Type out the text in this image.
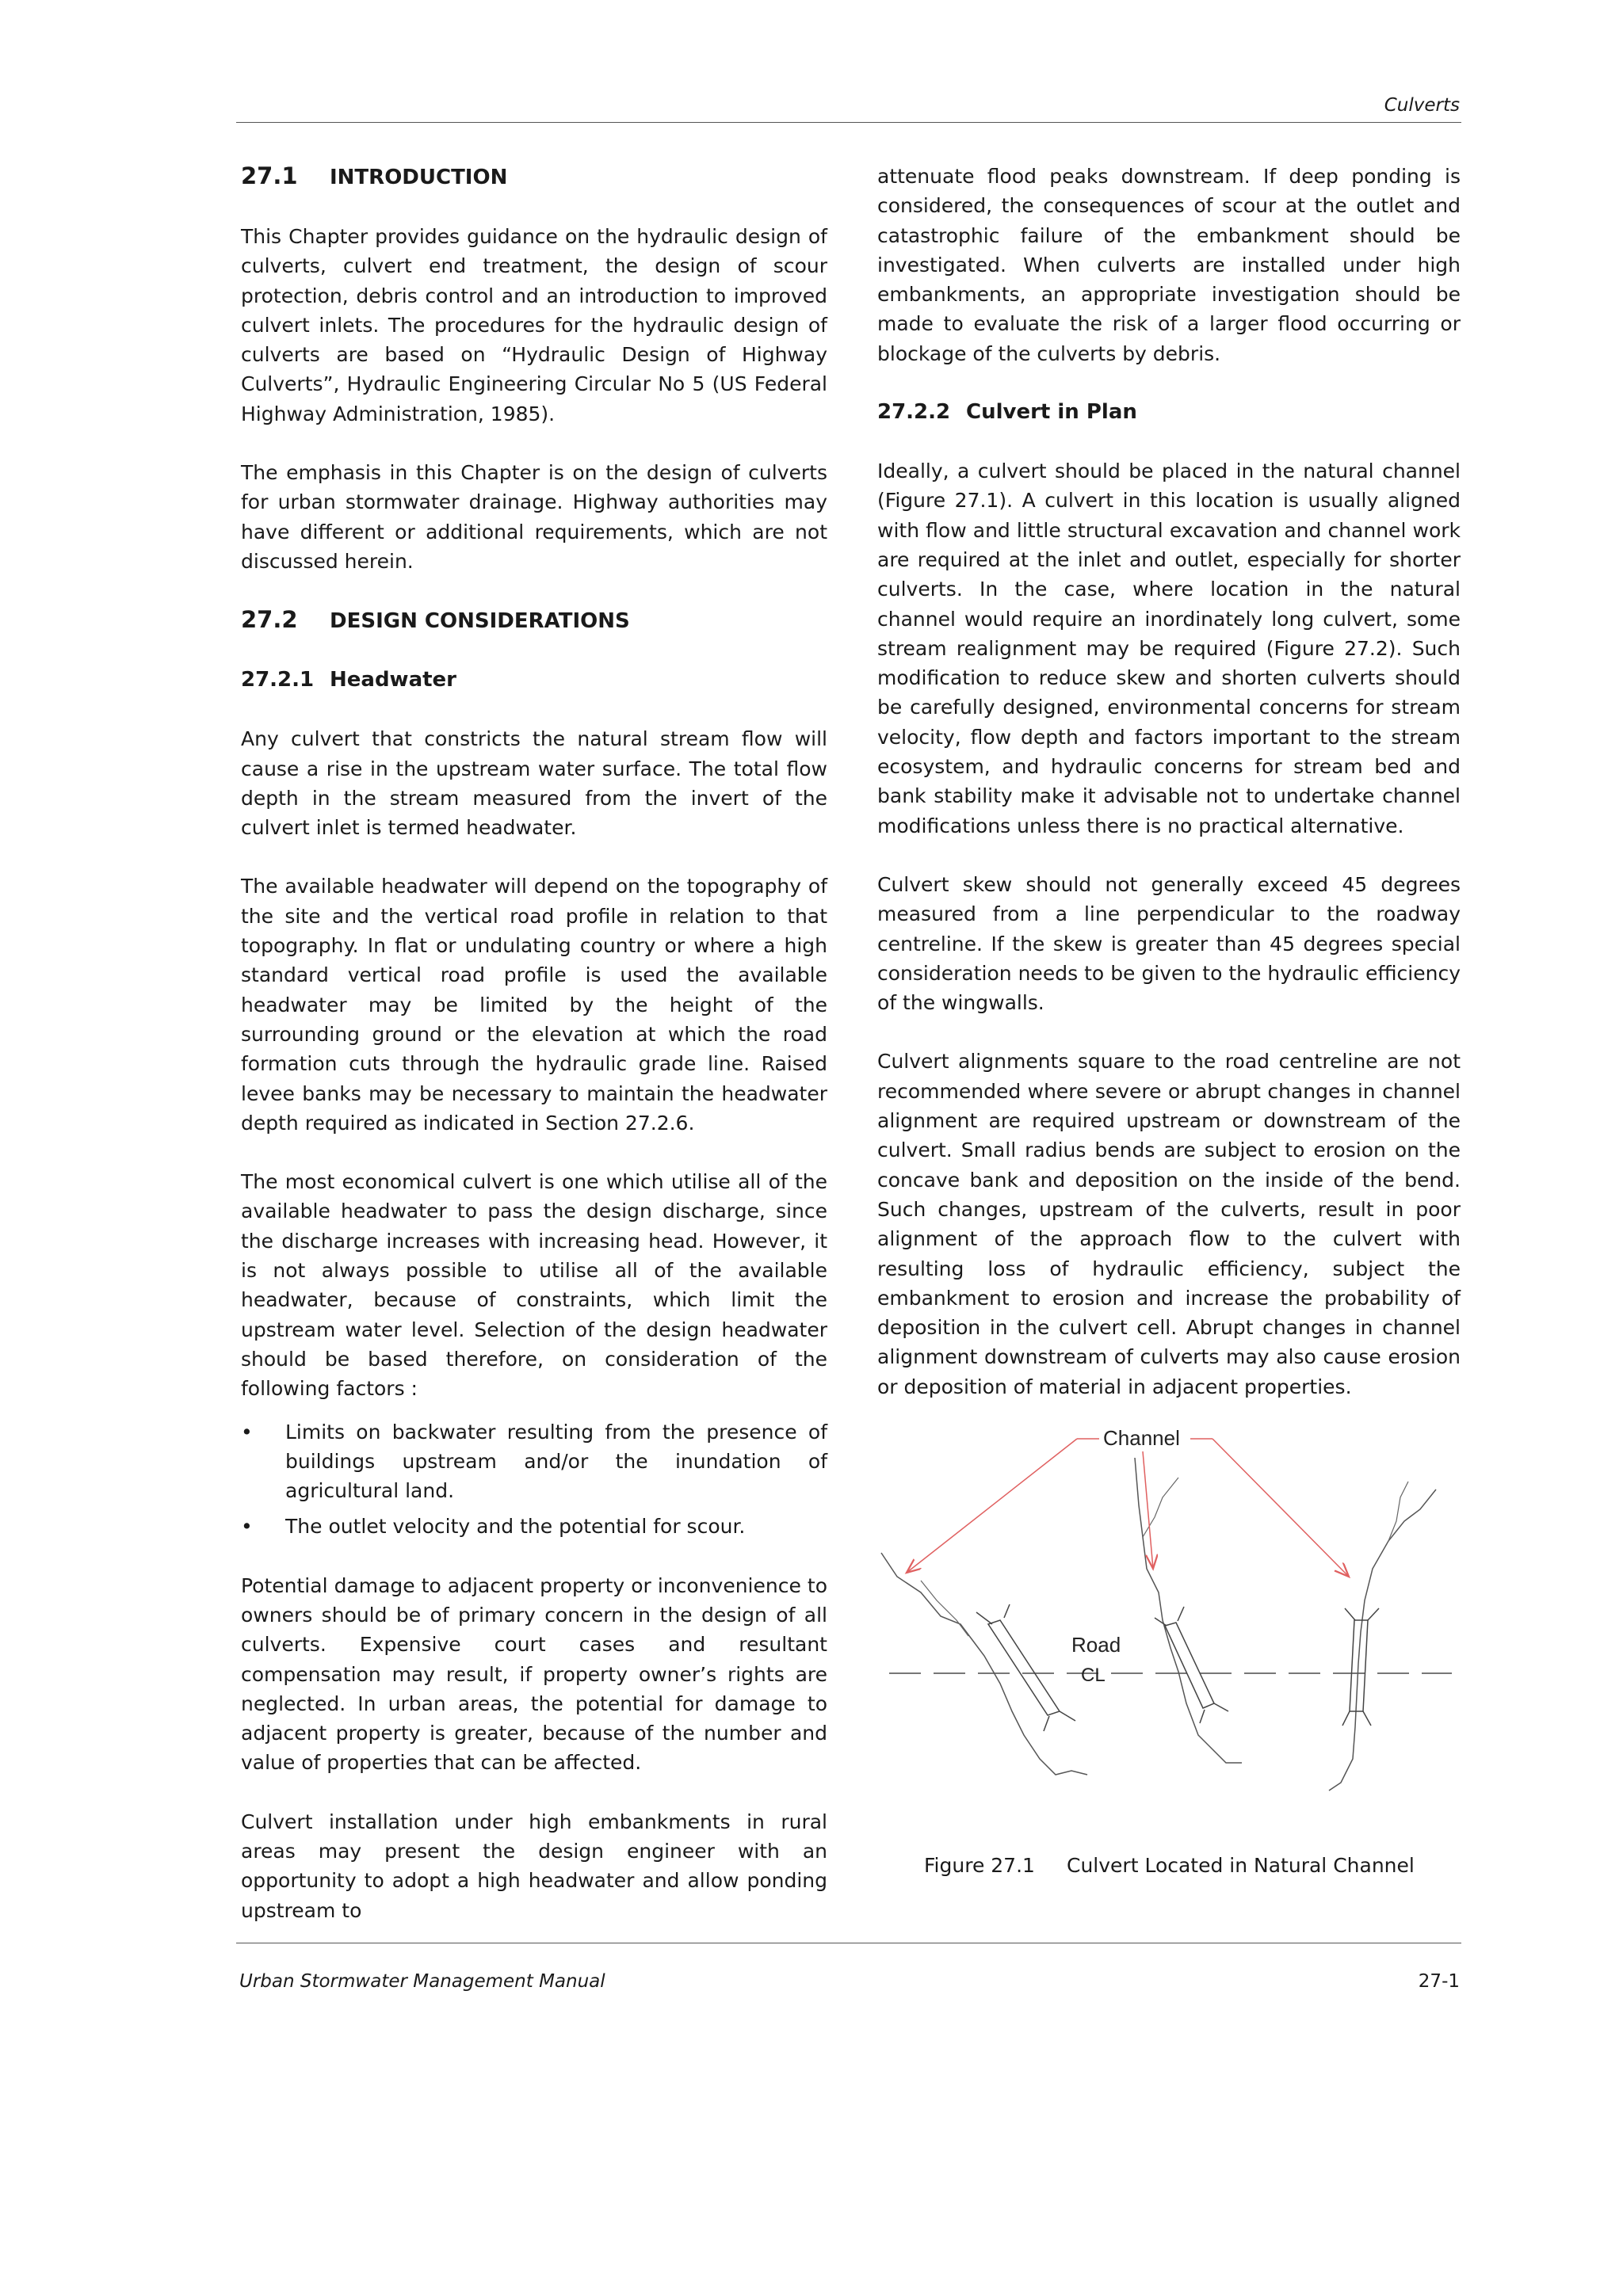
Culverts
27.1 INTRODUCTION

This Chapter provides guidance on the hydraulic design of culverts, culvert end treatment, the design of scour protection, debris control and an introduction to improved culvert inlets. The procedures for the hydraulic design of culverts are based on “Hydraulic Design of Highway Culverts”, Hydraulic Engineering Circular No 5 (US Federal Highway Administration, 1985).

The emphasis in this Chapter is on the design of culverts for urban stormwater drainage. Highway authorities may have different or additional requirements, which are not discussed herein.

27.2 DESIGN CONSIDERATIONS
27.2.1 Headwater

Any culvert that constricts the natural stream flow will cause a rise in the upstream water surface. The total flow depth in the stream measured from the invert of the culvert inlet is termed headwater.

The available headwater will depend on the topography of the site and the vertical road profile in relation to that topography. In flat or undulating country or where a high standard vertical road profile is used the available headwater may be limited by the height of the surrounding ground or the elevation at which the road formation cuts through the hydraulic grade line. Raised levee banks may be necessary to maintain the headwater depth required as indicated in Section 27.2.6.

The most economical culvert is one which utilise all of the available headwater to pass the design discharge, since the discharge increases with increasing head. However, it is not always possible to utilise all of the available headwater, because of constraints, which limit the upstream water level. Selection of the design headwater should be based therefore, on consideration of the following factors :

• Limits on backwater resulting from the presence of buildings upstream and/or the inundation of agricultural land.
• The outlet velocity and the potential for scour.

Potential damage to adjacent property or inconvenience to owners should be of primary concern in the design of all culverts. Expensive court cases and resultant compensation may result, if property owner’s rights are neglected. In urban areas, the potential for damage to adjacent property is greater, because of the number and value of properties that can be affected.

Culvert installation under high embankments in rural areas may present the design engineer with an opportunity to adopt a high headwater and allow ponding upstream to

attenuate flood peaks downstream. If deep ponding is considered, the consequences of scour at the outlet and catastrophic failure of the embankment should be investigated. When culverts are installed under high embankments, an appropriate investigation should be made to evaluate the risk of a larger flood occurring or blockage of the culverts by debris.

27.2.2 Culvert in Plan

Ideally, a culvert should be placed in the natural channel (Figure 27.1). A culvert in this location is usually aligned with flow and little structural excavation and channel work are required at the inlet and outlet, especially for shorter culverts. In the case, where location in the natural channel would require an inordinately long culvert, some stream realignment may be required (Figure 27.2). Such modification to reduce skew and shorten culverts should be carefully designed, environmental concerns for stream velocity, flow depth and factors important to the stream ecosystem, and hydraulic concerns for stream bed and bank stability make it advisable not to undertake channel modifications unless there is no practical alternative.

Culvert skew should not generally exceed 45 degrees measured from a line perpendicular to the roadway centreline. If the skew is greater than 45 degrees special consideration needs to be given to the hydraulic efficiency of the wingwalls.

Culvert alignments square to the road centreline are not recommended where severe or abrupt changes in channel alignment are required upstream or downstream of the culvert. Small radius bends are subject to erosion on the concave bank and deposition on the inside of the bend. Such changes, upstream of the culverts, result in poor alignment of the approach flow to the culvert with resulting loss of hydraulic efficiency, subject the embankment to erosion and increase the probability of deposition in the culvert cell. Abrupt changes in channel alignment downstream of culverts may also cause erosion or deposition of material in adjacent properties.

Channel
Road
CL
Figure 27.1 Culvert Located in Natural Channel
Urban Stormwater Management Manual	27-1
